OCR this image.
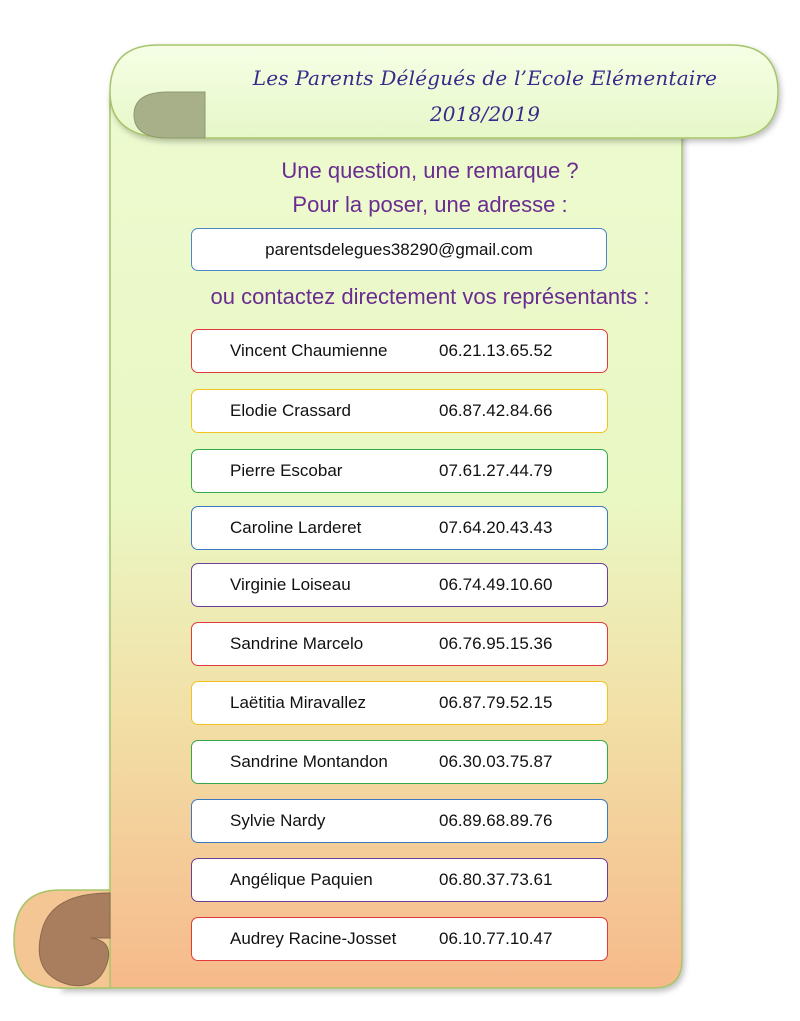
Les Parents Délégués de l’Ecole Elémentaire
2018/2019
Une question, une remarque ?
Pour la poser, une adresse :
parentsdelegues38290@gmail.com
ou contactez directement vos représentants :
Vincent Chaumienne	06.21.13.65.52
Elodie Crassard	06.87.42.84.66
Pierre Escobar	07.61.27.44.79
Caroline Larderet	07.64.20.43.43
Virginie Loiseau	06.74.49.10.60
Sandrine Marcelo	06.76.95.15.36
Laëtitia Miravallez	06.87.79.52.15
Sandrine Montandon	06.30.03.75.87
Sylvie Nardy	06.89.68.89.76
Angélique Paquien	06.80.37.73.61
Audrey Racine-Josset	06.10.77.10.47
